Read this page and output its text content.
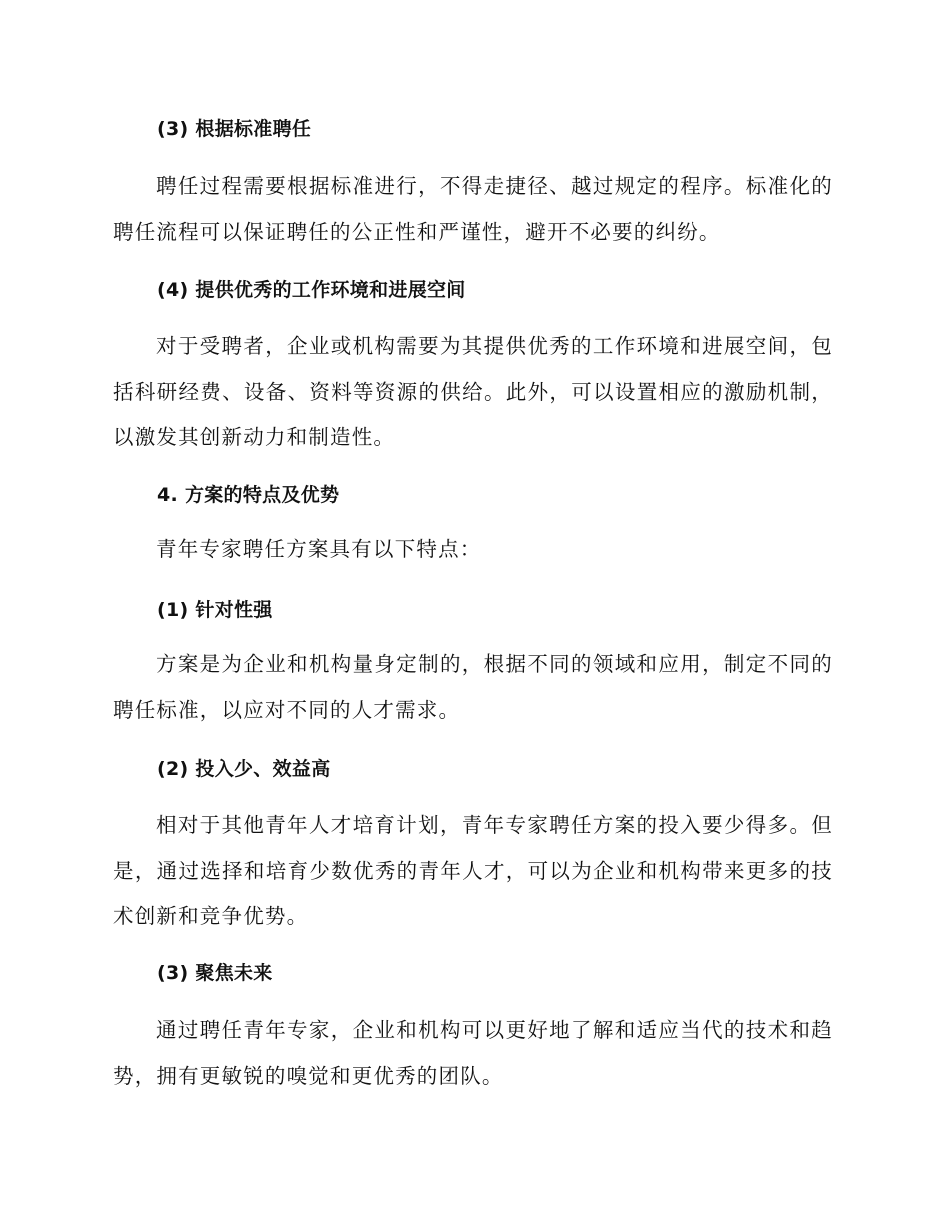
(3) 根据标准聘任

聘任过程需要根据标准进行，不得走捷径、越过规定的程序。标准化的聘任流程可以保证聘任的公正性和严谨性，避开不必要的纠纷。

(4) 提供优秀的工作环境和进展空间

对于受聘者，企业或机构需要为其提供优秀的工作环境和进展空间，包括科研经费、设备、资料等资源的供给。此外，可以设置相应的激励机制，以激发其创新动力和制造性。

4. 方案的特点及优势

青年专家聘任方案具有以下特点：

(1) 针对性强

方案是为企业和机构量身定制的，根据不同的领域和应用，制定不同的聘任标准，以应对不同的人才需求。

(2) 投入少、效益高

相对于其他青年人才培育计划，青年专家聘任方案的投入要少得多。但是，通过选择和培育少数优秀的青年人才，可以为企业和机构带来更多的技术创新和竞争优势。

(3) 聚焦未来

通过聘任青年专家，企业和机构可以更好地了解和适应当代的技术和趋势，拥有更敏锐的嗅觉和更优秀的团队。
